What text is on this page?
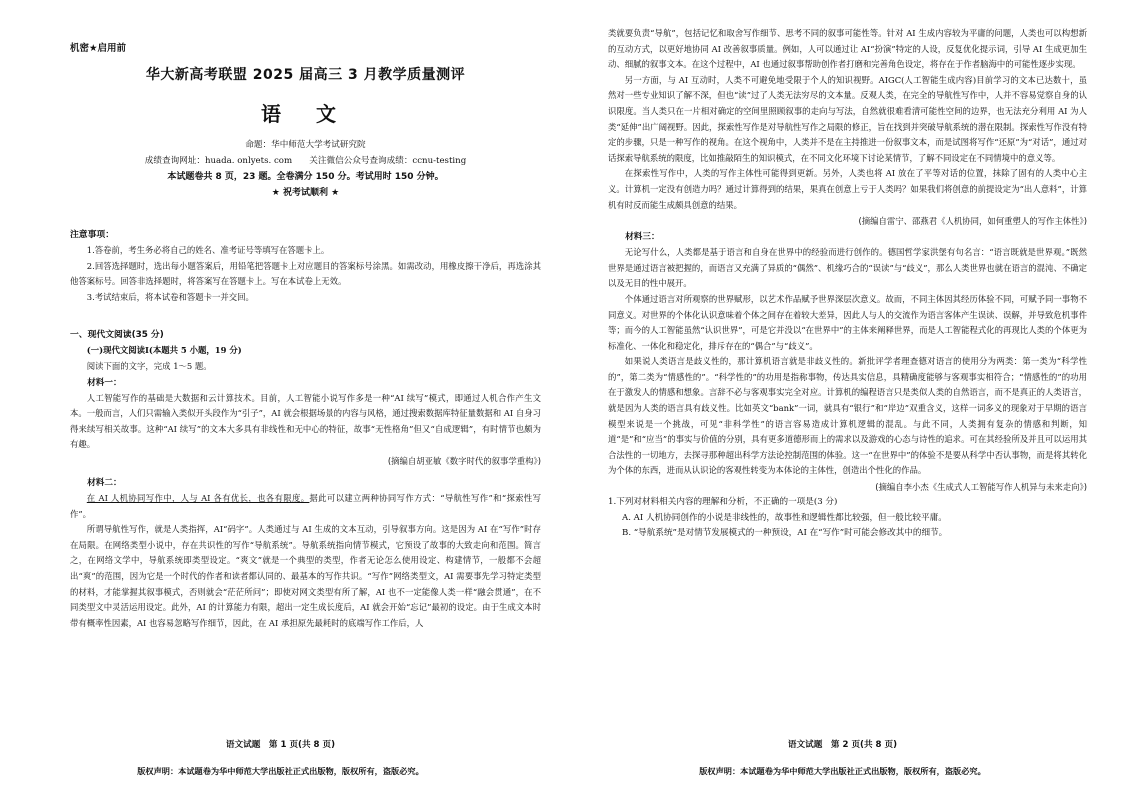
机密★启用前
华大新高考联盟 2025 届高三 3 月教学质量测评
语 文
命题：华中师范大学考试研究院
成绩查询网址：huada. onlyets. com　　关注微信公众号查询成绩：ccnu-testing
本试题卷共 8 页，23 题。全卷满分 150 分。考试用时 150 分钟。
★ 祝考试顺利 ★

注意事项：

1.答卷前，考生务必将自己的姓名、准考证号等填写在答题卡上。

2.回答选择题时，选出每小题答案后，用铅笔把答题卡上对应题目的答案标号涂黑。如需改动，用橡皮擦干净后，再选涂其他答案标号。回答非选择题时，将答案写在答题卡上。写在本试卷上无效。

3.考试结束后，将本试卷和答题卡一并交回。

一、现代文阅读(35 分)

(一)现代文阅读Ⅰ(本题共 5 小题，19 分)

阅读下面的文字，完成 1～5 题。

材料一：

人工智能写作的基础是大数据和云计算技术。目前，人工智能小说写作多是一种“AI 续写”模式，即通过人机合作产生文本。一般而言，人们只需输入类似开头段作为“引子”，AI 就会根据场景的内容与风格，通过搜索数据库特征量数据和 AI 自身习得来续写相关故事。这种“AI 续写”的文本大多具有非线性和无中心的特征，故事“无性格角”但又“自成逻辑”，有时情节也颇为有趣。

(摘编自胡亚敏《数字时代的叙事学重构》)

材料二：

在 AI 人机协同写作中，人与 AI 各有优长，也各有限度。据此可以建立两种协同写作方式：“导航性写作”和“探索性写作”。

所谓导航性写作，就是人类指挥，AI“码字”。人类通过与 AI 生成的文本互动，引导叙事方向。这是因为 AI 在“写作”时存在局限。在网络类型小说中，存在共识性的写作“导航系统”。导航系统指向情节模式，它预设了故事的大致走向和范围。简言之，在网络文学中，导航系统即类型设定。“爽文”就是一个典型的类型，作者无论怎么使用设定、构建情节，一般都不会超出“爽”的范围，因为它是一个时代的作者和读者都认同的、最基本的写作共识。“写作”网络类型文，AI 需要事先学习特定类型的材料，才能掌握其叙事模式，否则就会“茫茫所问”；即使对网文类型有所了解，AI 也不一定能像人类一样“融会贯通”，在不同类型文中灵活运用设定。此外，AI 的计算能力有限，超出一定生成长度后，AI 就会开始“忘记”最初的设定。由于生成文本时带有概率性因素，AI 也容易忽略写作细节，因此，在 AI 承担原先最耗时的底端写作工作后，人

语文试题　第 1 页(共 8 页)
版权声明：本试题卷为华中师范大学出版社正式出版物，版权所有，盗版必究。

类就要负责“导航”，包括记忆和取舍写作细节、思考不同的叙事可能性等。针对 AI 生成内容较为平庸的问题，人类也可以构想新的互动方式，以更好地协同 AI 改善叙事质量。例如，人可以通过让 AI“扮演”特定的人设，反复优化提示词，引导 AI 生成更加生动、细腻的叙事文本。在这个过程中，AI 也通过叙事帮助创作者打磨和完善角色设定，将存在于作者脑海中的可能性逐步实现。

另一方面，与 AI 互动时，人类不可避免地受限于个人的知识视野。AIGC(人工智能生成内容)目前学习的文本已达数十，虽然对一些专业知识了解不深，但也“读”过了人类无法穷尽的文本量。反观人类，在完全的导航性写作中，人并不容易觉察自身的认识限度。当人类只在一片相对确定的空间里照顾叙事的走向与写法，自然就很难看清可能性空间的边界，也无法充分利用 AI 为人类“延伸”出广阔视野。因此，探索性写作是对导航性写作之局限的修正，旨在找到并突破导航系统的潜在限制。探索性写作没有特定的步骤，只是一种写作的视角。在这个视角中，人类并不是在主持推进一份叙事文本，而是试图将写作“还原”为“对话”，通过对话探索导航系统的限度，比如推敲陌生的知识模式，在不同文化环境下讨论某情节，了解不同设定在不同情境中的意义等。

在探索性写作中，人类的写作主体性可能得到更新。另外，人类也将 AI 放在了平等对话的位置，抹除了固有的人类中心主义。计算机一定没有创造力吗？通过计算得到的结果，果真在创意上亏于人类吗？如果我们将创意的前提设定为“出人意料”，计算机有时反而能生成颇具创意的结果。

(摘编自雷宁、邵燕君《人机协同，如何重塑人的写作主体性》)

材料三：

无论写什么，人类都是基于语言和自身在世界中的经验而进行创作的。德国哲学家洪堡有句名言：“语言既就是世界观。”既然世界是通过语言被把握的，而语言又充满了异质的“偶然”、机缘巧合的“误读”与“歧义”，那么人类世界也就在语言的混沌、不确定以及无目的性中展开。

个体通过语言对所观察的世界赋形，以艺术作品赋予世界深层次意义。故而，不同主体因其经历体验不同，可赋予同一事物不同意义。对世界的个体化认识意味着个体之间存在着较大差异，因此人与人的交流作为语言客体产生误读、误解，并导致危机事件等；而今的人工智能虽然“认识世界”，可是它并没以“在世界中”的主体来阐释世界，而是人工智能程式化的再现比人类的个体更为标准化、一体化和稳定化，排斥存在的“偶合”与“歧义”。

如果说人类语言是歧义性的，那计算机语言就是非歧义性的。新批评学者理查德对语言的使用分为两类：第一类为“科学性的”，第二类为“情感性的”。“科学性的”的功用是指称事物，传达具实信息，具精确度能够与客观事实相符合；“情感性的”的功用在于激发人的情感和想象。言辞不必与客观事实完全对应。计算机的编程语言只是类似人类的自然语言，而不是真正的人类语言，就是因为人类的语言具有歧义性。比如英文“bank”一词，就具有“银行”和“岸边”双重含义，这样一词多义的现象对于早期的语言模型来说是一个挑战，可见“非科学性”的语言容易造成计算机逻辑的混乱。与此不同，人类拥有复杂的情感和判断，知道“是”和“应当”的事实与价值的分别，具有更多道德形而上的需求以及游戏的心态与诗性的追求。可在其经验所及并且可以运用其合法性的一切地方，去探寻那种超出科学方法论控制范围的体验。这一“在世界中”的体验不是要从科学中否认事物，而是将其转化为个体的东西，进而从认识论的客观性转变为本体论的主体性，创造出个性化的作品。

(摘编自李小杰《生成式人工智能写作人机异与未来走向》)

1.下列对材料相关内容的理解和分析，不正确的一项是(3 分)

A. AI 人机协同创作的小说是非线性的，故事性和逻辑性都比较强，但一般比较平庸。

B. “导航系统”是对情节发展模式的一种预设，AI 在“写作”时可能会修改其中的细节。

语文试题　第 2 页(共 8 页)
版权声明：本试题卷为华中师范大学出版社正式出版物，版权所有，盗版必究。
